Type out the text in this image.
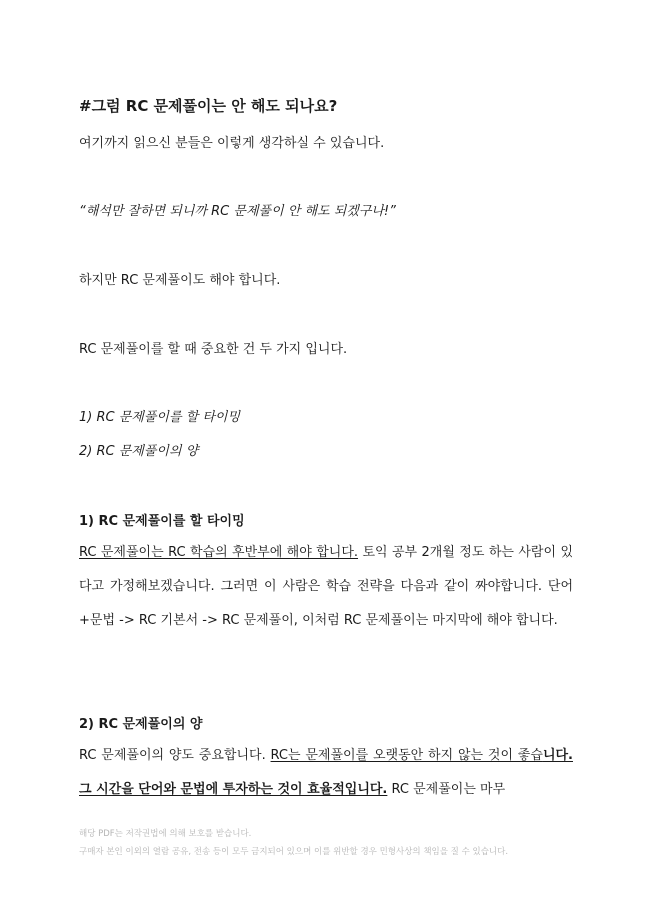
#그럼 RC 문제풀이는 안 해도 되나요?
여기까지 읽으신 분들은 이렇게 생각하실 수 있습니다.
“해석만 잘하면 되니까 RC 문제풀이 안 해도 되겠구나!”
하지만 RC 문제풀이도 해야 합니다.
RC 문제풀이를 할 때 중요한 건 두 가지 입니다.
1) RC 문제풀이를 할 타이밍
2) RC 문제풀이의 양
1) RC 문제풀이를 할 타이밍
RC 문제풀이는 RC 학습의 후반부에 해야 합니다. 토익 공부 2개월 정도 하는 사람이 있다고 가정해보겠습니다. 그러면 이 사람은 학습 전략을 다음과 같이 짜야합니다. 단어+문법 -> RC 기본서 -> RC 문제풀이, 이처럼 RC 문제풀이는 마지막에 해야 합니다.
2) RC 문제풀이의 양
RC 문제풀이의 양도 중요합니다. RC는 문제풀이를 오랫동안 하지 않는 것이 좋습니다. 그 시간을 단어와 문법에 투자하는 것이 효율적입니다. RC 문제풀이는 마무
해당 PDF는 저작권법에 의해 보호를 받습니다.
구매자 본인 이외의 열람 공유, 전송 등이 모두 금지되어 있으며 이를 위반할 경우 민형사상의 책임을 질 수 있습니다.
